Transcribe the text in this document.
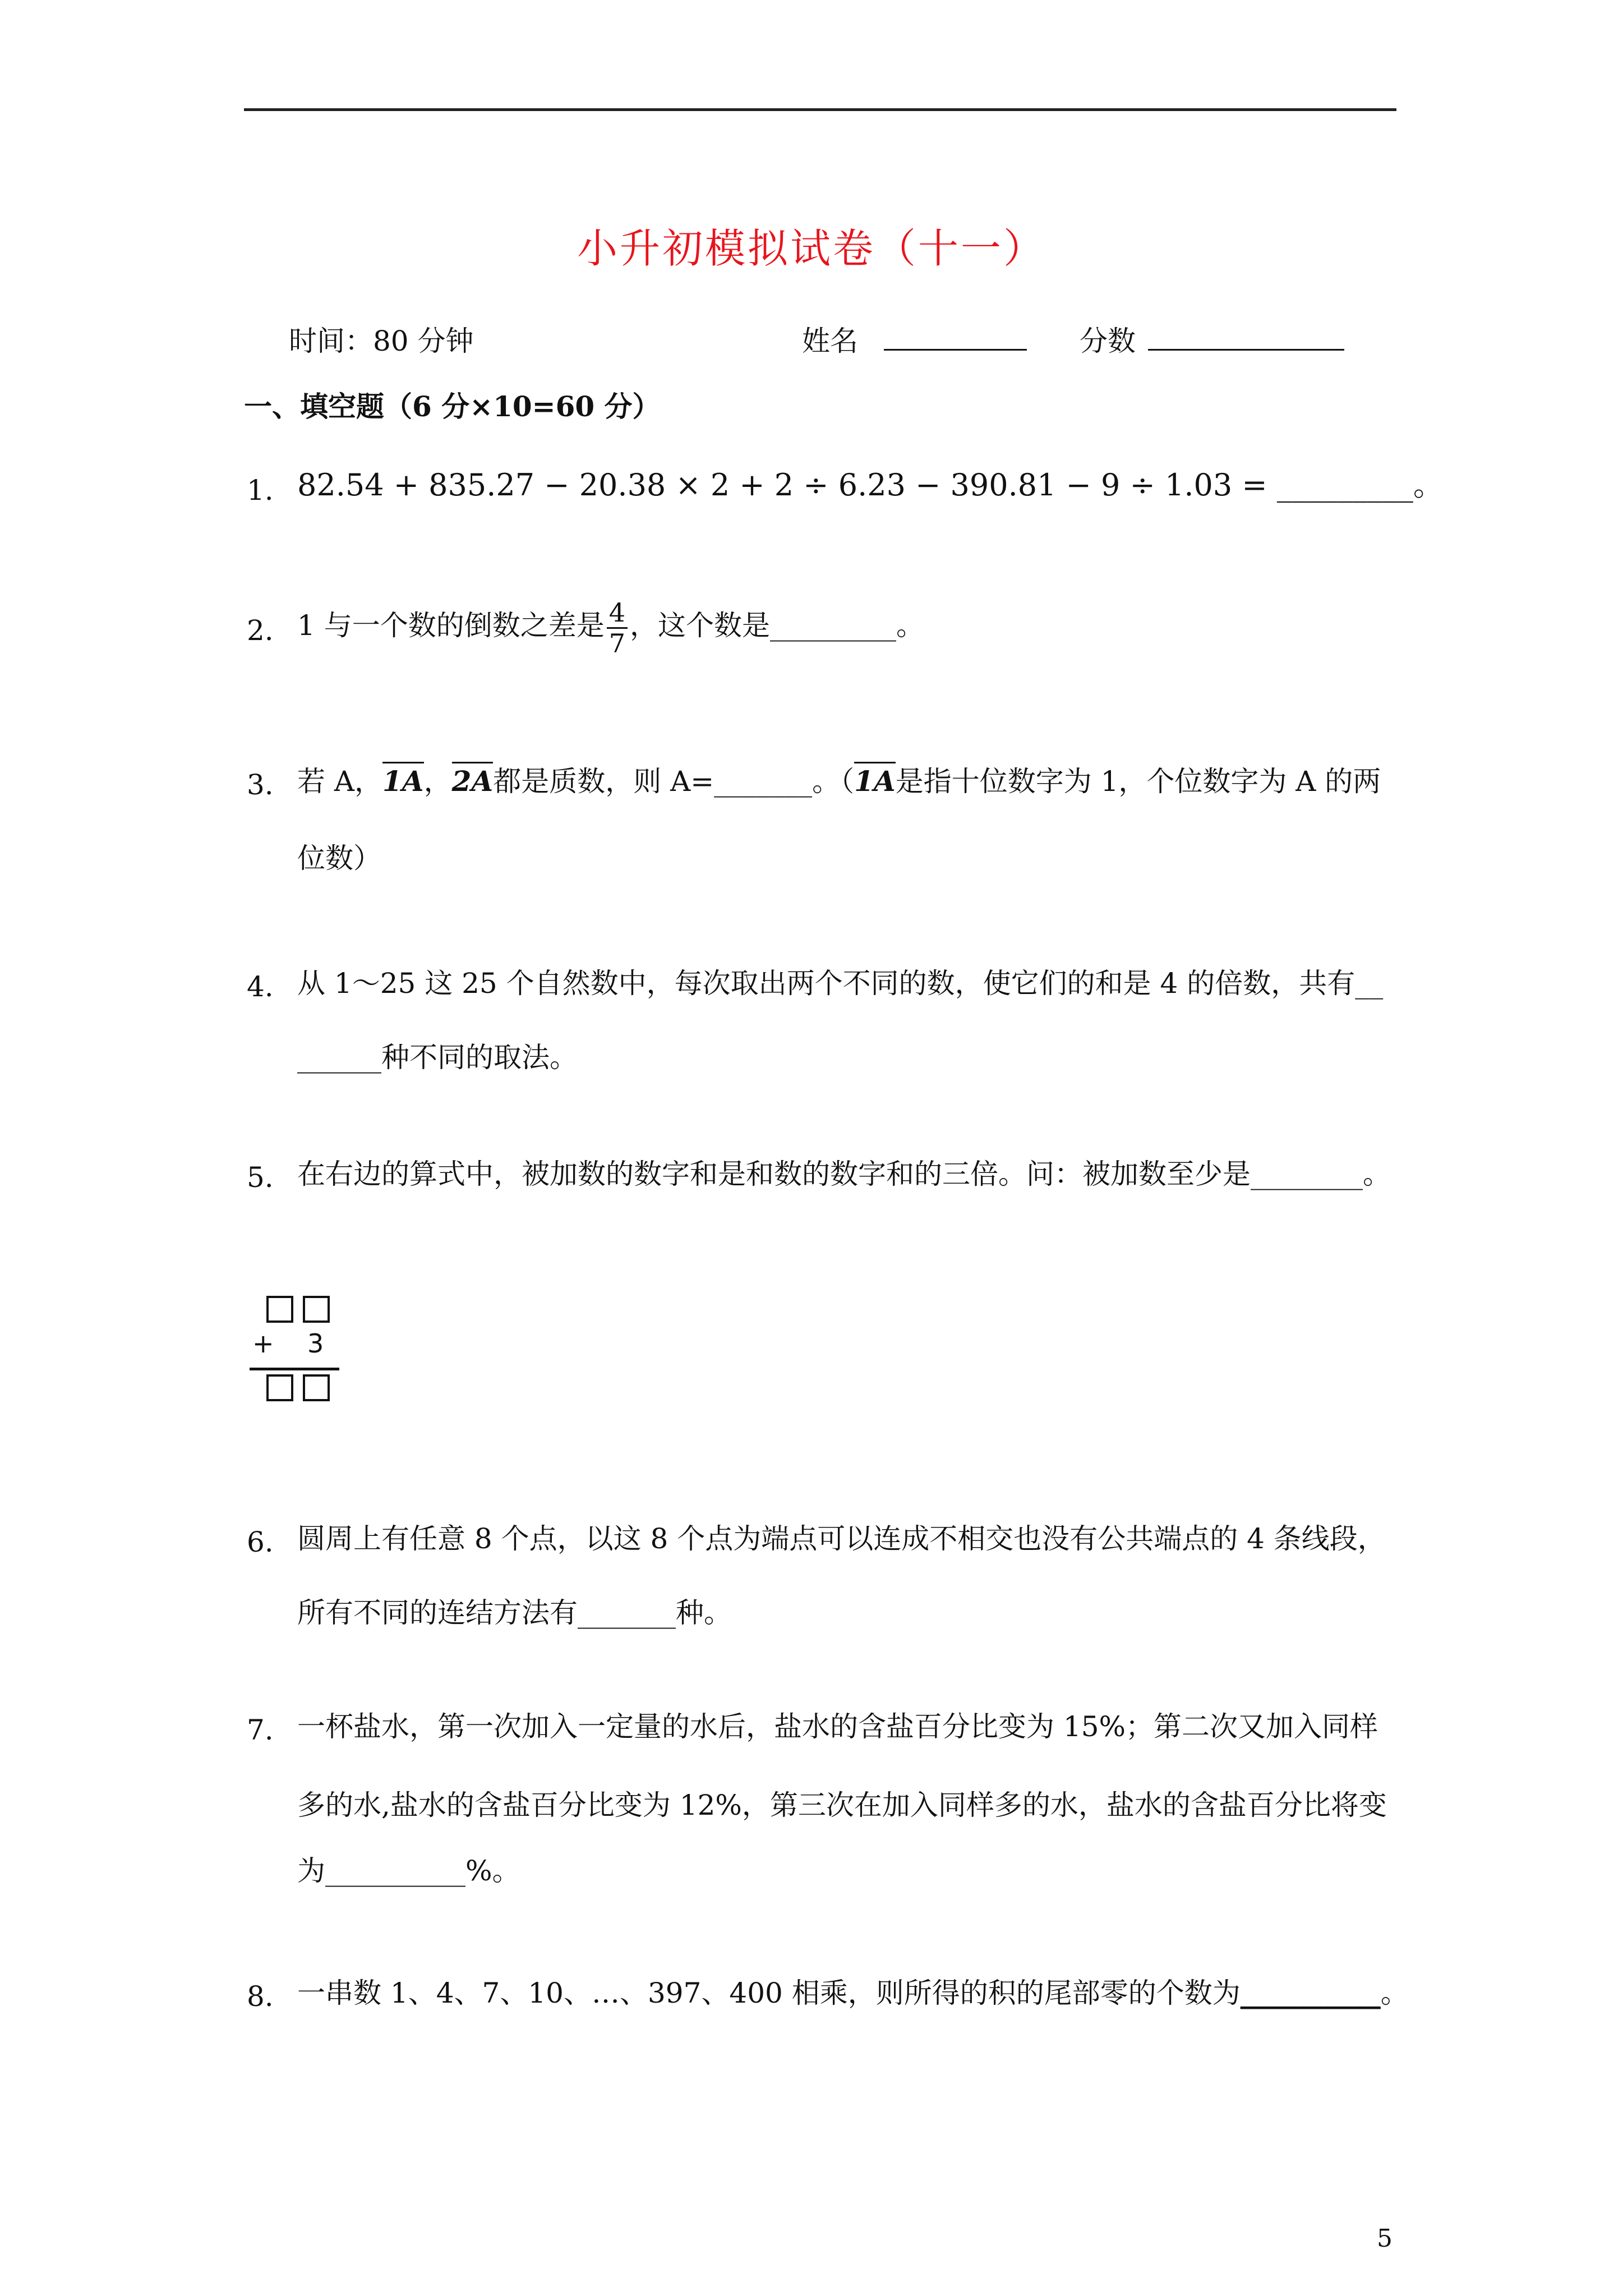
小升初模拟试卷（十一）
时间：80 分钟	姓名	分数
一、填空题（6 分×10=60 分）
1. 82.54 + 835.27 − 20.38 × 2 + 2 ÷ 6.23 − 390.81 − 9 ÷ 1.03 = _________。
2. 1 与一个数的倒数之差是 $\frac{4}{7}$ ，这个数是_________。
3. 若 A，1A，2A都是质数，则 A=_______。（1A是指十位数字为 1，个位数字为 A 的两
位数）
4. 从 1～25 这 25 个自然数中，每次取出两个不同的数，使它们的和是 4 的倍数，共有__
______种不同的取法。
5. 在右边的算式中，被加数的数字和是和数的数字和的三倍。问：被加数至少是________。
+ 3
6. 圆周上有任意 8 个点，以这 8 个点为端点可以连成不相交也没有公共端点的 4 条线段，
所有不同的连结方法有_______种。
7. 一杯盐水，第一次加入一定量的水后，盐水的含盐百分比变为 15%；第二次又加入同样
多的水,盐水的含盐百分比变为 12%，第三次在加入同样多的水，盐水的含盐百分比将变
为__________%。
8. 一串数 1、4、7、10、…、397、400 相乘，则所得的积的尾部零的个数为__________。
5
